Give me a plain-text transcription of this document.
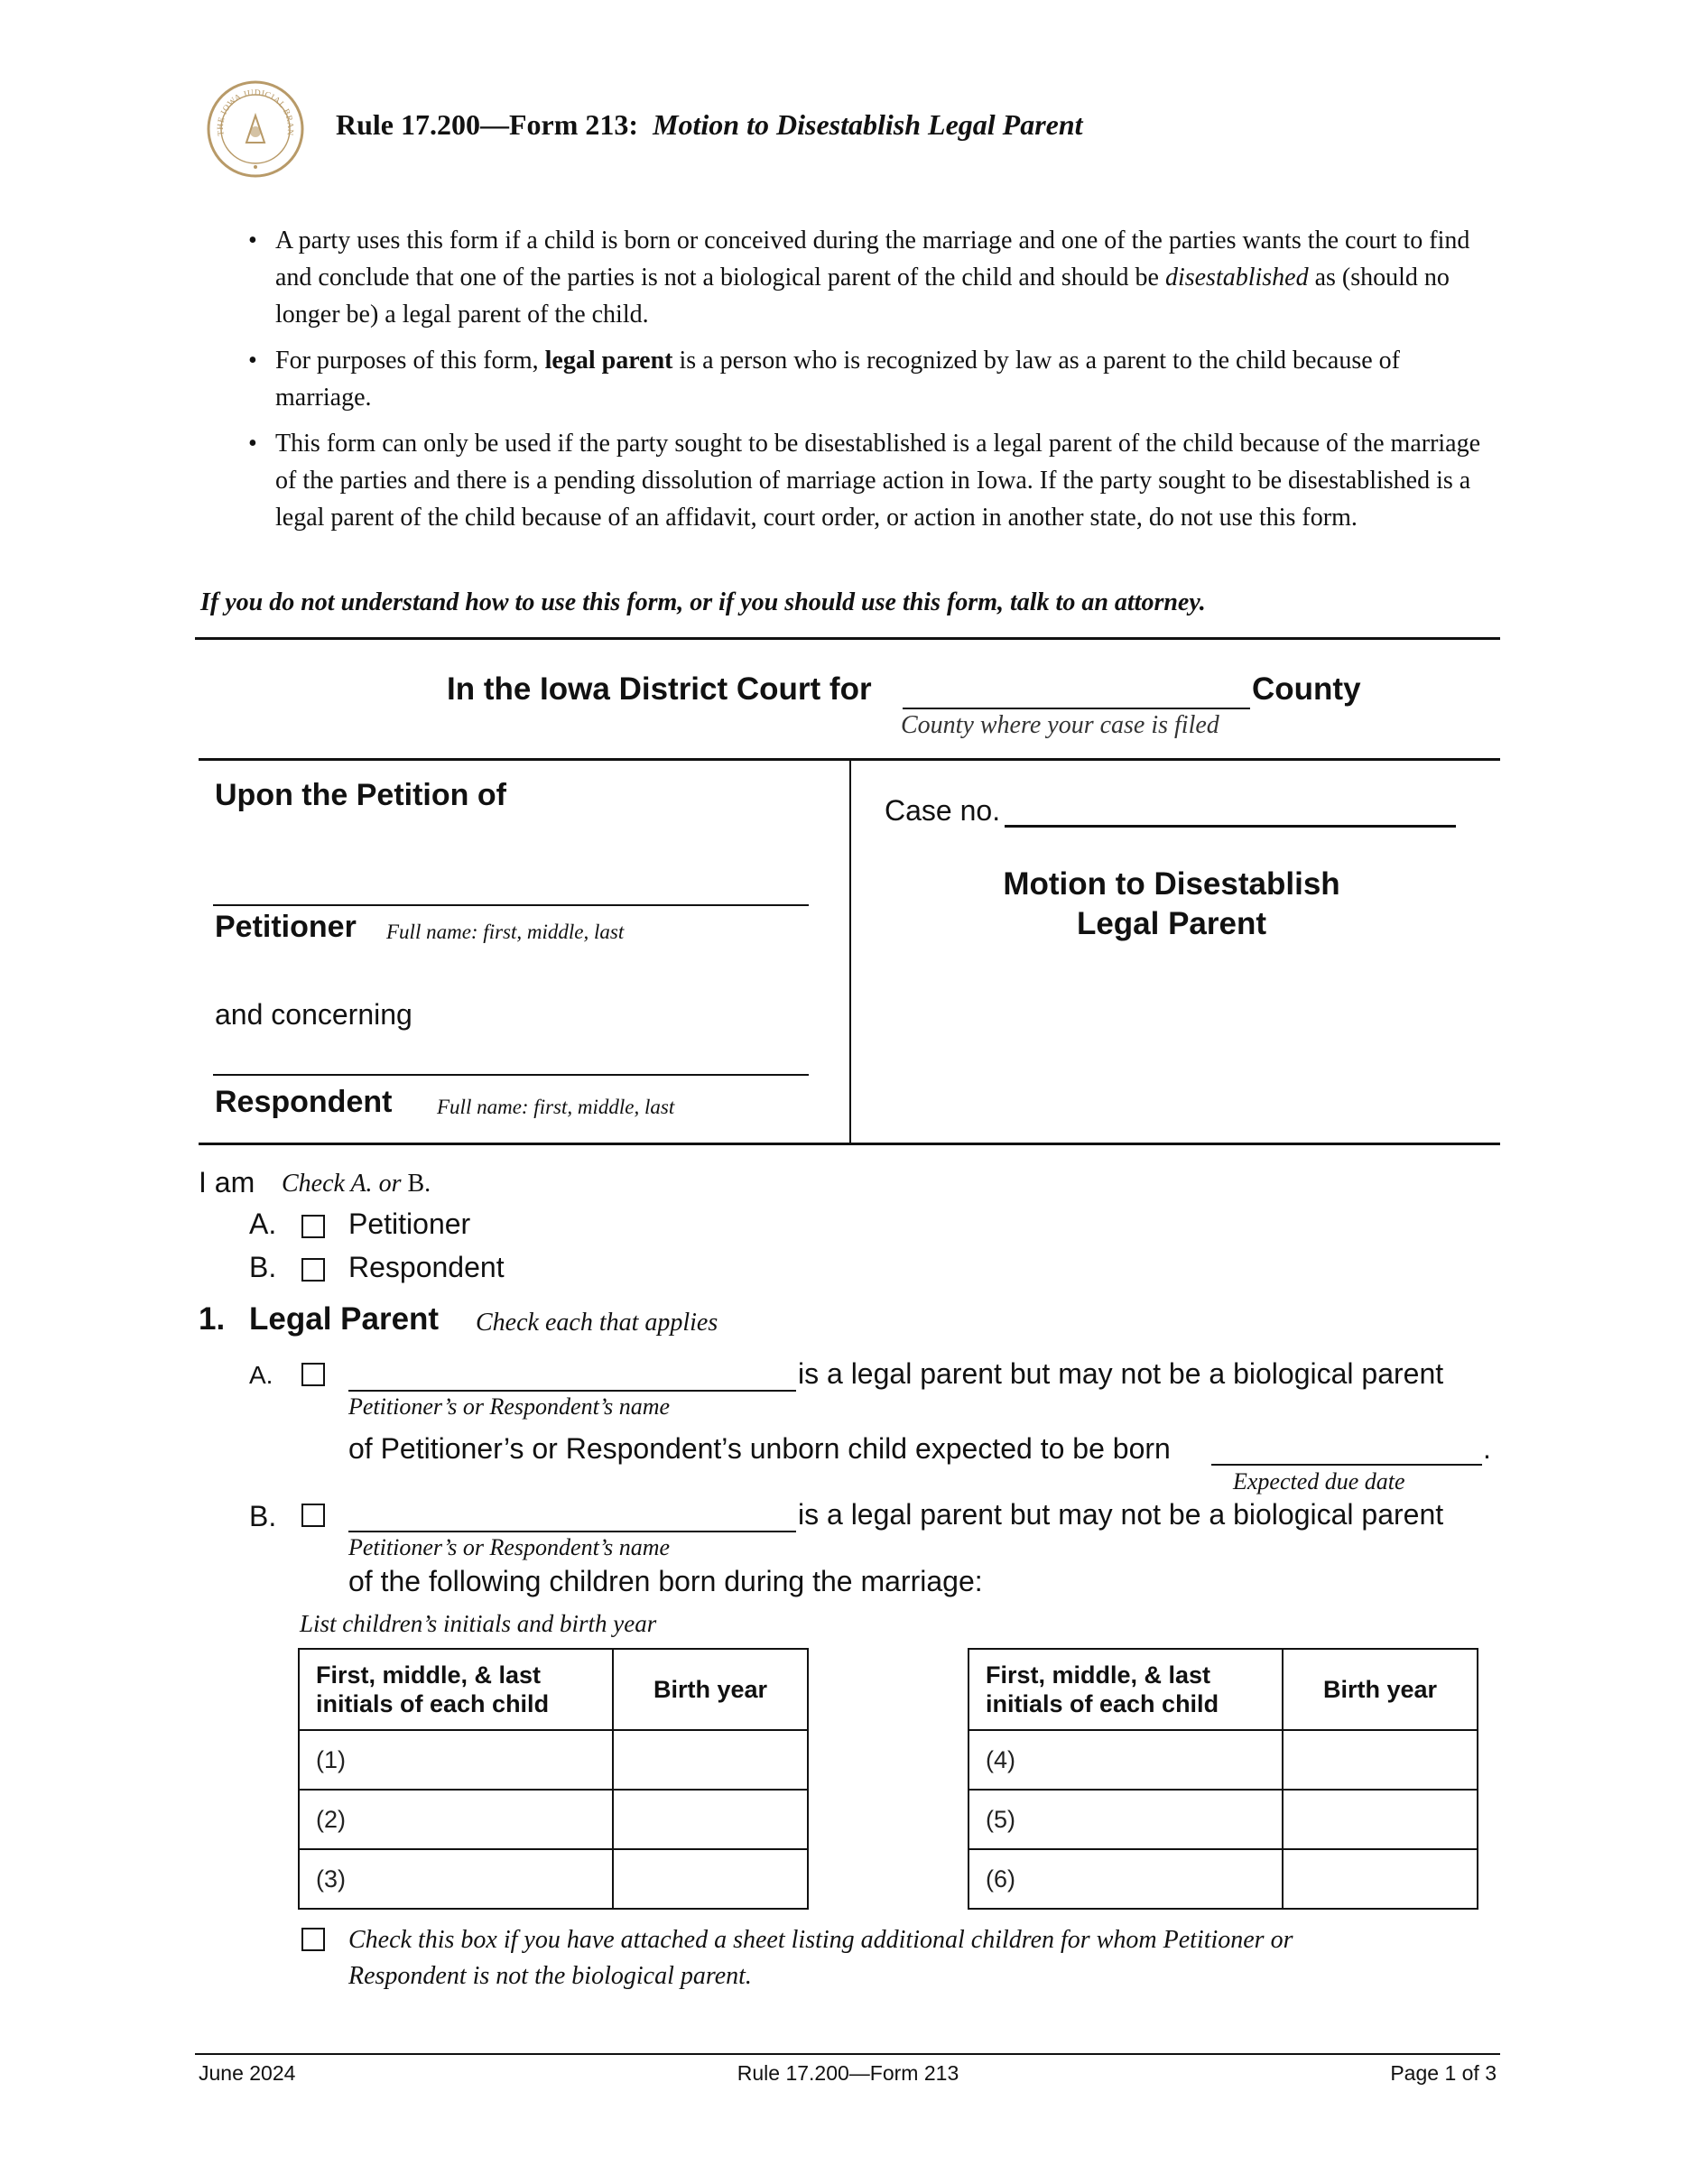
THE IOWA JUDICIAL BRAN Rule 17.200—Form 213: Motion to Disestablish Legal Parent
• A party uses this form if a child is born or conceived during the marriage and one of the parties wants the court to find and conclude that one of the parties is not a biological parent of the child and should be disestablished as (should no longer be) a legal parent of the child.
• For purposes of this form, legal parent is a person who is recognized by law as a parent to the child because of marriage.
• This form can only be used if the party sought to be disestablished is a legal parent of the child because of the marriage of the parties and there is a pending dissolution of marriage action in Iowa. If the party sought to be disestablished is a legal parent of the child because of an affidavit, court order, or action in another state, do not use this form.
If you do not understand how to use this form, or if you should use this form, talk to an attorney.
In the Iowa District Court for	County
County where your case is filed
Upon the Petition of
Petitioner Full name: first, middle, last
and concerning
Respondent Full name: first, middle, last
Case no.
Motion to Disestablish
Legal Parent
I am Check A. or B.
A. Petitioner
B. Respondent
1. Legal Parent Check each that applies
A.	is a legal parent but may not be a biological parent
Petitioner’s or Respondent’s name
of Petitioner’s or Respondent’s unborn child expected to be born	.
Expected due date
B.	is a legal parent but may not be a biological parent
Petitioner’s or Respondent’s name
of the following children born during the marriage:
List children’s initials and birth year
First, middle, & last
initials of each child	Birth year
(1)	
(2)	
(3)	
First, middle, & last
initials of each child	Birth year
(4)	
(5)	
(6)	
Check this box if you have attached a sheet listing additional children for whom Petitioner or
Respondent is not the biological parent.
June 2024	Rule 17.200—Form 213	Page 1 of 3
